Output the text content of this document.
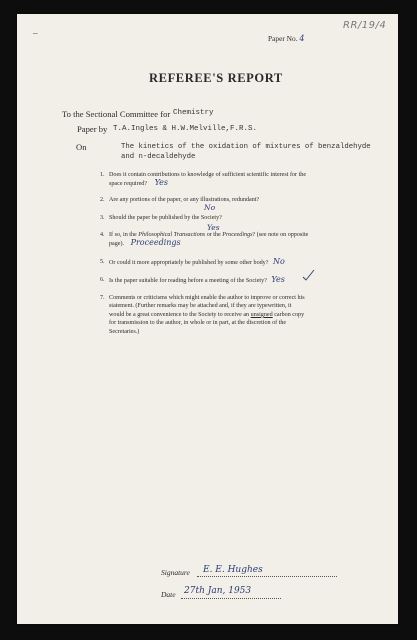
RR/19/4
‒
Paper No. 4
REFEREE'S REPORT
To the Sectional Committee for Chemistry
Paper by T.A.Ingles & H.W.Melville,F.R.S.
On	The kinetics of the oxidation of mixtures of benzaldehyde
and n-decaldehyde
1. Does it contain contributions to knowledge of sufficient scientific interest for the
space required? Yes
2. Are any portions of the paper, or any illustrations, redundant?
No
3. Should the paper be published by the Society?
Yes
4. If so, in the Philosophical Transactions or the Proceedings? (see note on opposite
page). Proceedings
5. Or could it more appropriately be published by some other body? No
6. Is the paper suitable for reading before a meeting of the Society? Yes
7. Comments or criticisms which might enable the author to improve or correct his
statement. (Further remarks may be attached and, if they are typewritten, it
would be a great convenience to the Society to receive an unsigned carbon copy
for transmission to the author, in whole or in part, at the discretion of the
Secretaries.)
Signature E. E. Hughes
Date 27th Jan, 1953
